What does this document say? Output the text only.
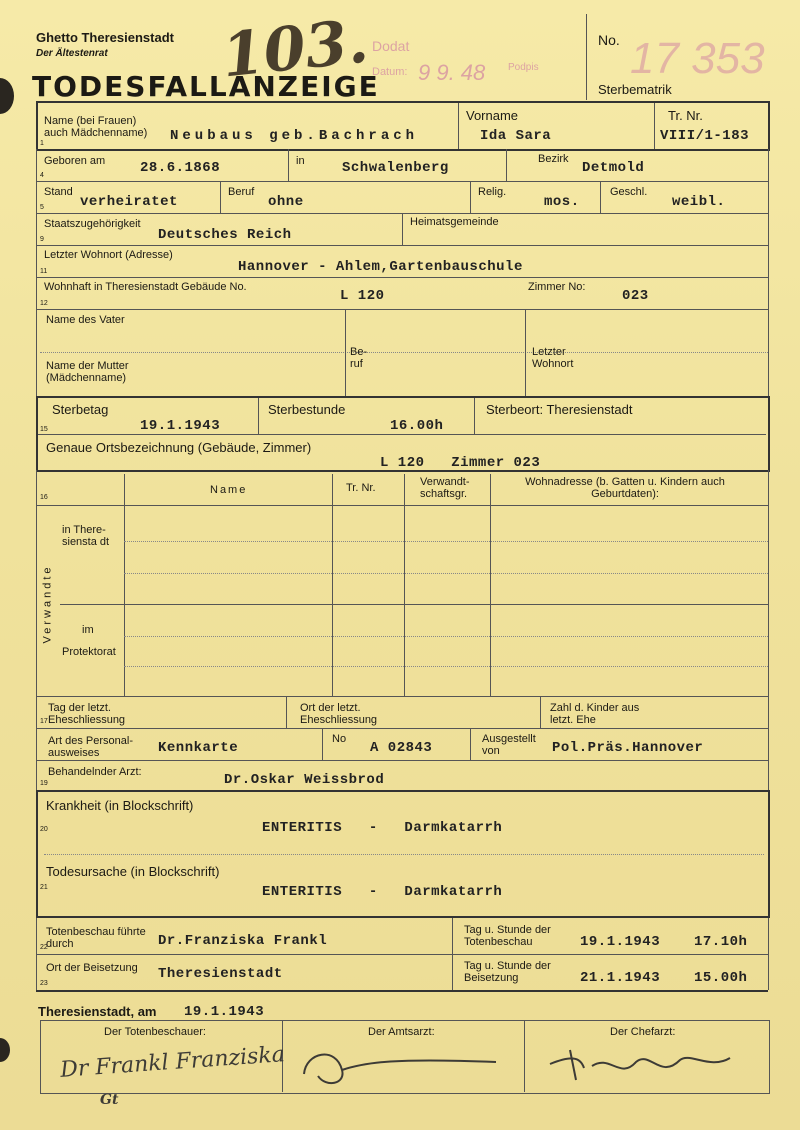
Ghetto Theresienstadt
Der Ältestenrat
TODESFALLANZEIGE
103. Dodat
Datum:	Podpis
9 9. 48	17 353
No.
Sterbematrik
Name (bei Frauen) auch Mädchenname)	Neubaus geb.Bachrach
Vorname
Ida Sara
Tr. Nr.
VIII/1-183
Geboren am 28.6.1868	in	Schwalenberg
Bezirk
Detmold
Stand
verheiratet
Beruf
ohne
Relig.
mos.
Geschl.
weibl.
Staatszugehörigkeit
Deutsches Reich
Heimatsgemeinde
Letzter Wohnort (Adresse)
Hannover - Ahlem,Gartenbauschule
Wohnhaft in Theresienstadt Gebäude No.
L 120
Zimmer No:
023
Name des Vater
Name der Mutter (Mädchenname)
Be- ruf
Letzter Wohnort
Sterbetag
19.1.1943
Sterbestunde
16.00h
Sterbeort: Theresienstadt
Genaue Ortsbezeichnung (Gebäude, Zimmer)
L 120   Zimmer 023
Name	Tr. Nr.	Verwandt- schaftsgr.
Wohnadresse (b. Gatten u. Kindern auch Geburtdaten):
in There- siensta dt
im
Protektorat
Verwandte
Tag der letzt. Eheschliessung
Ort der letzt. Eheschliessung
Zahl d. Kinder aus letzt. Ehe
Art des Personal- ausweises	Kennkarte
No
A 02843
Ausgestellt von	Pol.Präs.Hannover
Behandelnder Arzt:	Dr.Oskar Weissbrod
Krankheit (in Blockschrift)
ENTERITIS   -   Darmkatarrh
Todesursache (in Blockschrift)
ENTERITIS   -   Darmkatarrh
Totenbeschau führte durch	Dr.Franziska Frankl
Tag u. Stunde der Totenbeschau	19.1.1943 17.10h
Ort der Beisetzung	Theresienstadt	Tag u. Stunde der Beisetzung	21.1.1943 15.00h
Theresienstadt, am 19.1.1943
Der Totenbeschauer:	Der Amtsarzt:	Der Chefarzt:
Dr Frankl Franziska
Gt
1
4
5
9
11
12
15
16
17
19
20
21
22
23
